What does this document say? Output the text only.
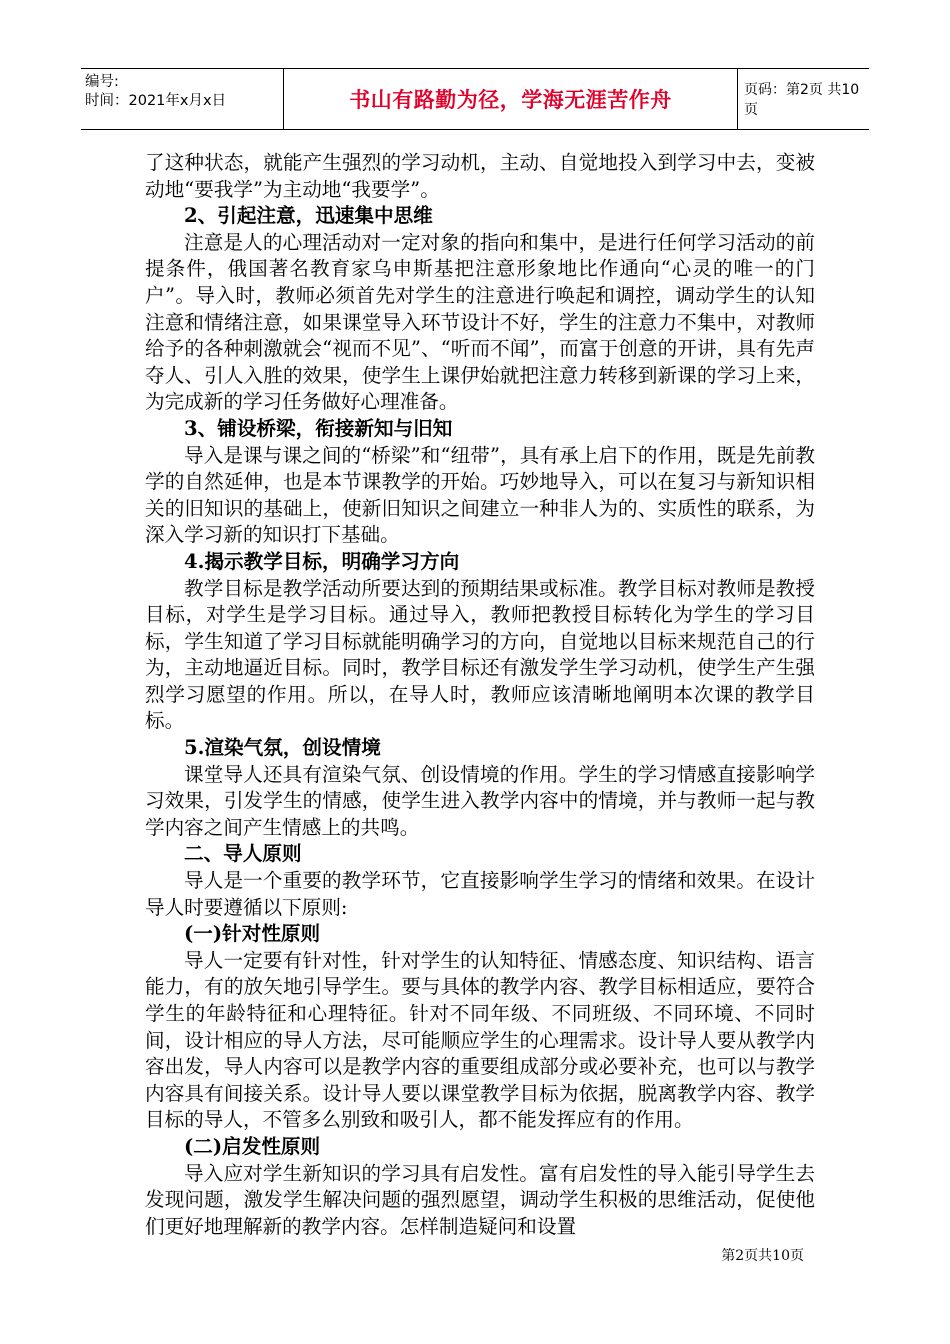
编号:
时间：2021年x月x日	书山有路勤为径，学海无涯苦作舟	页码：第2页 共10页

了这种状态，就能产生强烈的学习动机，主动、自觉地投入到学习中去，变被动地“要我学”为主动地“我要学”。

2、引起注意，迅速集中思维

注意是人的心理活动对一定对象的指向和集中，是进行任何学习活动的前提条件，俄国著名教育家乌申斯基把注意形象地比作通向“心灵的唯一的门户”。导入时，教师必须首先对学生的注意进行唤起和调控，调动学生的认知注意和情绪注意，如果课堂导入环节设计不好，学生的注意力不集中，对教师给予的各种刺激就会“视而不见”、“听而不闻”，而富于创意的开讲，具有先声夺人、引人入胜的效果，使学生上课伊始就把注意力转移到新课的学习上来，为完成新的学习任务做好心理准备。

3、铺设桥梁，衔接新知与旧知

导入是课与课之间的“桥梁”和“纽带”，具有承上启下的作用，既是先前教学的自然延伸，也是本节课教学的开始。巧妙地导入，可以在复习与新知识相关的旧知识的基础上，使新旧知识之间建立一种非人为的、实质性的联系，为深入学习新的知识打下基础。

4.揭示教学目标，明确学习方向

教学目标是教学活动所要达到的预期结果或标准。教学目标对教师是教授目标，对学生是学习目标。通过导入，教师把教授目标转化为学生的学习目标，学生知道了学习目标就能明确学习的方向，自觉地以目标来规范自己的行为，主动地逼近目标。同时，教学目标还有激发学生学习动机，使学生产生强烈学习愿望的作用。所以，在导人时，教师应该清晰地阐明本次课的教学目标。

5.渲染气氛，创设情境

课堂导人还具有渲染气氛、创设情境的作用。学生的学习情感直接影响学习效果，引发学生的情感，使学生进入教学内容中的情境，并与教师一起与教学内容之间产生情感上的共鸣。

二、导人原则

导人是一个重要的教学环节，它直接影响学生学习的情绪和效果。在设计导人时要遵循以下原则:

(一)针对性原则

导人一定要有针对性，针对学生的认知特征、情感态度、知识结构、语言能力，有的放矢地引导学生。要与具体的教学内容、教学目标相适应，要符合学生的年龄特征和心理特征。针对不同年级、不同班级、不同环境、不同时间，设计相应的导人方法，尽可能顺应学生的心理需求。设计导人要从教学内容出发，导人内容可以是教学内容的重要组成部分或必要补充，也可以与教学内容具有间接关系。设计导人要以课堂教学目标为依据，脱离教学内容、教学目标的导人，不管多么别致和吸引人，都不能发挥应有的作用。

(二)启发性原则

导入应对学生新知识的学习具有启发性。富有启发性的导入能引导学生去发现问题，激发学生解决问题的强烈愿望，调动学生积极的思维活动，促使他们更好地理解新的教学内容。怎样制造疑问和设置

第2页共10页
